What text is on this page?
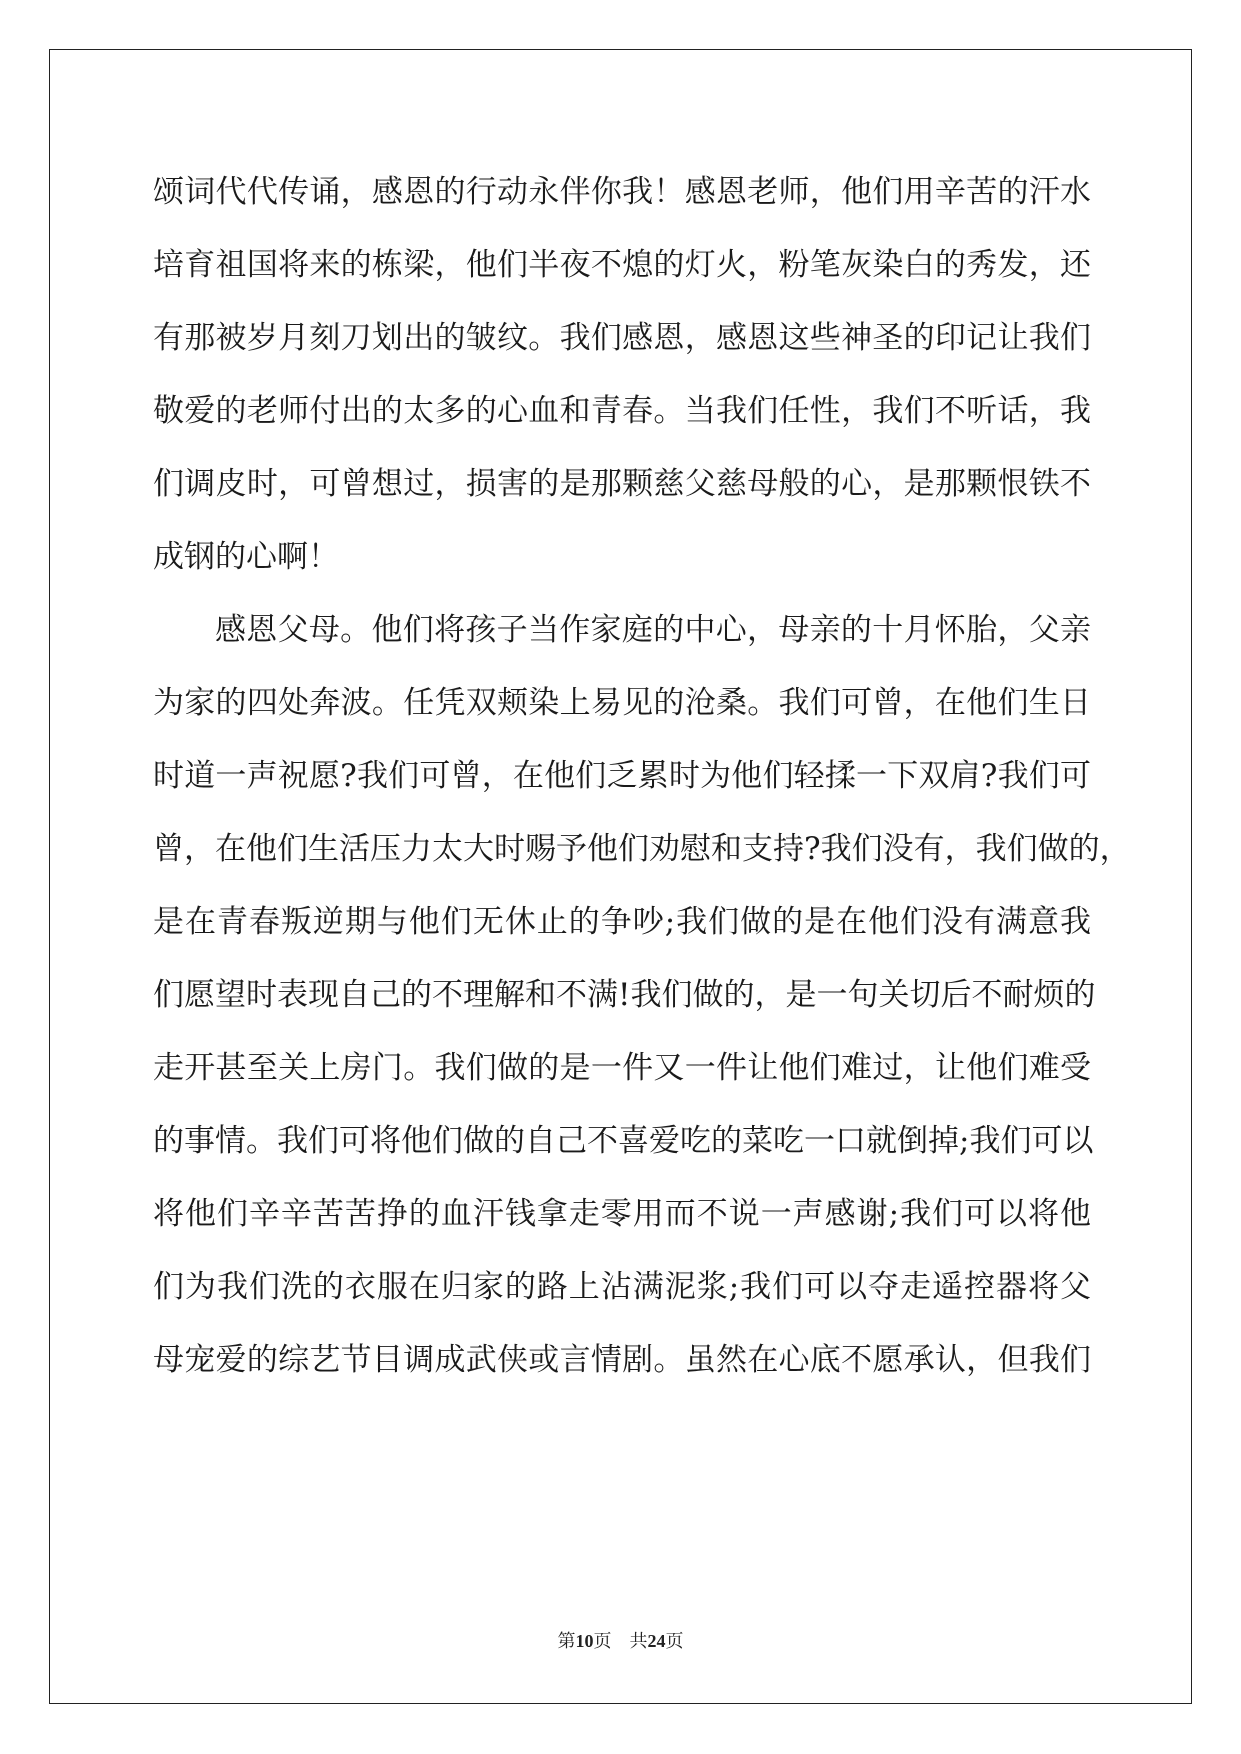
颂词代代传诵，感恩的行动永伴你我！感恩老师，他们用辛苦的汗水
培育祖国将来的栋梁，他们半夜不熄的灯火，粉笔灰染白的秀发，还
有那被岁月刻刀划出的皱纹。我们感恩，感恩这些神圣的印记让我们
敬爱的老师付出的太多的心血和青春。当我们任性，我们不听话，我
们调皮时，可曾想过，损害的是那颗慈父慈母般的心，是那颗恨铁不
成钢的心啊！
感恩父母。他们将孩子当作家庭的中心，母亲的十月怀胎，父亲
为家的四处奔波。任凭双颊染上易见的沧桑。我们可曾，在他们生日
时道一声祝愿?我们可曾，在他们乏累时为他们轻揉一下双肩?我们可
曾，在他们生活压力太大时赐予他们劝慰和支持?我们没有，我们做的，
是在青春叛逆期与他们无休止的争吵;我们做的是在他们没有满意我
们愿望时表现自己的不理解和不满!我们做的，是一句关切后不耐烦的
走开甚至关上房门。我们做的是一件又一件让他们难过，让他们难受
的事情。我们可将他们做的自己不喜爱吃的菜吃一口就倒掉;我们可以
将他们辛辛苦苦挣的血汗钱拿走零用而不说一声感谢;我们可以将他
们为我们洗的衣服在归家的路上沾满泥浆;我们可以夺走遥控器将父
母宠爱的综艺节目调成武侠或言情剧。虽然在心底不愿承认，但我们
第10页 共24页
